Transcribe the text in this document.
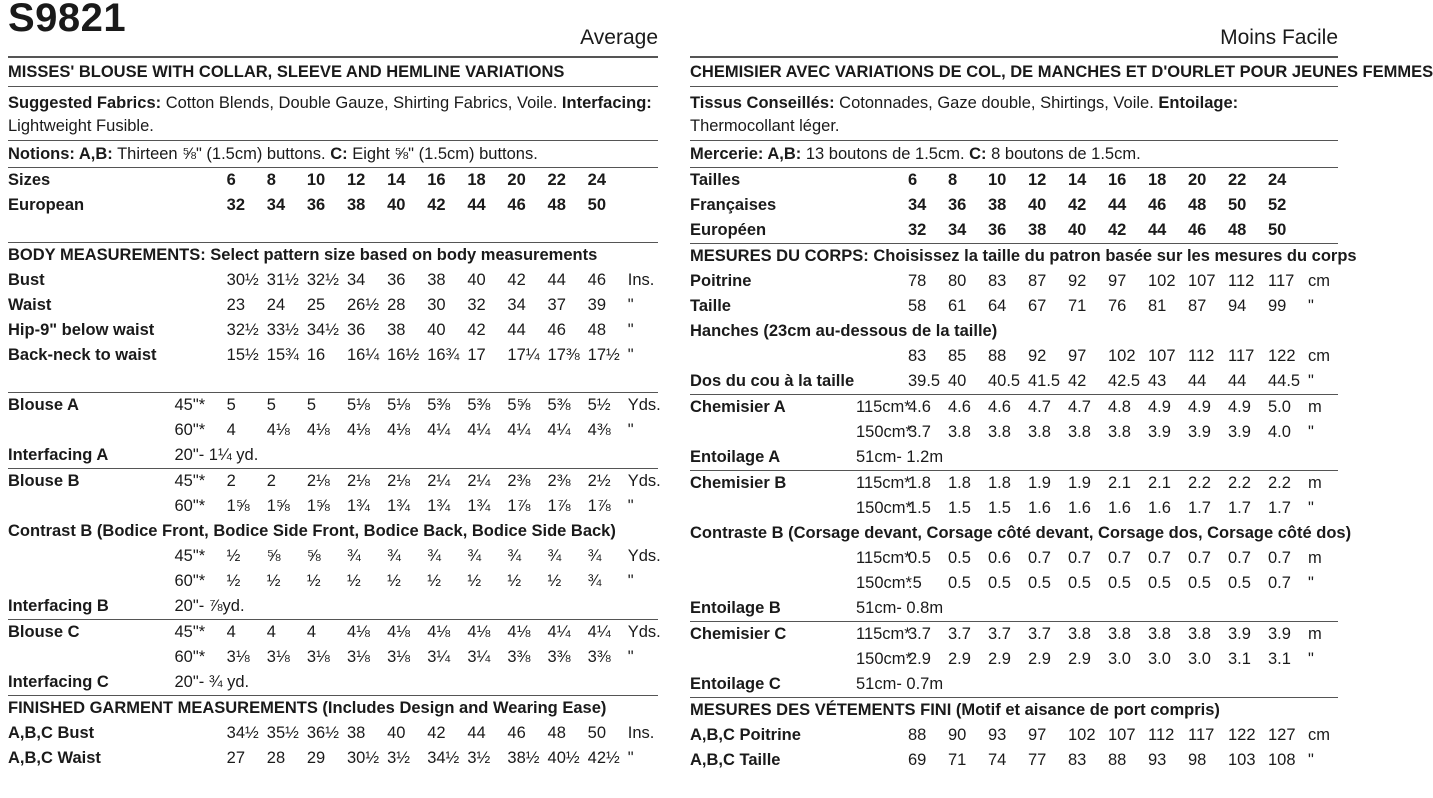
S9821	Average
MISSES' BLOUSE WITH COLLAR, SLEEVE AND HEMLINE VARIATIONS
Suggested Fabrics: Cotton Blends, Double Gauze, Shirting Fabrics, Voile. Interfacing: Lightweight Fusible.
Notions: A,B: Thirteen ⅝" (1.5cm) buttons. C: Eight ⅝" (1.5cm) buttons.
Sizes		6	8	10	12	14	16	18	20	22	24	
European		32	34	36	38	40	42	44	46	48	50	
BODY MEASUREMENTS: Select pattern size based on body measurements
Bust		30½	31½	32½	34	36	38	40	42	44	46	Ins.
Waist		23	24	25	26½	28	30	32	34	37	39	"
Hip-9" below waist		32½	33½	34½	36	38	40	42	44	46	48	"
Back-neck to waist		15½	15¾	16	16¼	16½	16¾	17	17¼	17⅜	17½	"
Blouse A	45"*	5	5	5	5⅛	5⅛	5⅜	5⅜	5⅝	5⅜	5½	Yds.
	60"*	4	4⅛	4⅛	4⅛	4⅛	4¼	4¼	4¼	4¼	4⅜	"
Interfacing A	20"- 1¼ yd.											
Blouse B	45"*	2	2	2⅛	2⅛	2⅛	2¼	2¼	2⅜	2⅜	2½	Yds.
	60"*	1⅝	1⅝	1⅝	1¾	1¾	1¾	1¾	1⅞	1⅞	1⅞	"
Contrast B (Bodice Front, Bodice Side Front, Bodice Back, Bodice Side Back)
	45"*	½	⅝	⅝	¾	¾	¾	¾	¾	¾	¾	Yds.
	60"*	½	½	½	½	½	½	½	½	½	¾	"
Interfacing B	20"- ⅞yd.											
Blouse C	45"*	4	4	4	4⅛	4⅛	4⅛	4⅛	4⅛	4¼	4¼	Yds.
	60"*	3⅛	3⅛	3⅛	3⅛	3⅛	3¼	3¼	3⅜	3⅜	3⅜	"
Interfacing C	20"- ¾ yd.											
FINISHED GARMENT MEASUREMENTS (Includes Design and Wearing Ease)
A,B,C Bust		34½	35½	36½	38	40	42	44	46	48	50	Ins.
A,B,C Waist		27	28	29	30½	3½	34½	3½	38½	40½	42½	"
Moins Facile
CHEMISIER AVEC VARIATIONS DE COL, DE MANCHES ET D'OURLET POUR JEUNES FEMMES
Tissus Conseillés: Cotonnades, Gaze double, Shirtings, Voile. Entoilage: Thermocollant léger.
Mercerie: A,B: 13 boutons de 1.5cm. C: 8 boutons de 1.5cm.
Tailles		6	8	10	12	14	16	18	20	22	24	
Françaises		34	36	38	40	42	44	46	48	50	52	
Européen		32	34	36	38	40	42	44	46	48	50	
MESURES DU CORPS: Choisissez la taille du patron basée sur les mesures du corps
Poitrine		78	80	83	87	92	97	102	107	112	117	cm
Taille		58	61	64	67	71	76	81	87	94	99	"
Hanches (23cm au-dessous de la taille)
		83	85	88	92	97	102	107	112	117	122	cm
Dos du cou à la taille		39.5	40	40.5	41.5	42	42.5	43	44	44	44.5	"
Chemisier A	115cm*	4.6	4.6	4.6	4.7	4.7	4.8	4.9	4.9	4.9	5.0	m
	150cm*	3.7	3.8	3.8	3.8	3.8	3.8	3.9	3.9	3.9	4.0	"
Entoilage A	51cm- 1.2m											
Chemisier B	115cm*	1.8	1.8	1.8	1.9	1.9	2.1	2.1	2.2	2.2	2.2	m
	150cm*	1.5	1.5	1.5	1.6	1.6	1.6	1.6	1.7	1.7	1.7	"
Contraste B (Corsage devant, Corsage côté devant, Corsage dos, Corsage côté dos)
	115cm*	0.5	0.5	0.6	0.7	0.7	0.7	0.7	0.7	0.7	0.7	m
	150cm*	.5	0.5	0.5	0.5	0.5	0.5	0.5	0.5	0.5	0.7	"
Entoilage B	51cm- 0.8m											
Chemisier C	115cm*	3.7	3.7	3.7	3.7	3.8	3.8	3.8	3.8	3.9	3.9	m
	150cm*	2.9	2.9	2.9	2.9	2.9	3.0	3.0	3.0	3.1	3.1	"
Entoilage C	51cm- 0.7m											
MESURES DES VÉTEMENTS FINI (Motif et aisance de port compris)
A,B,C Poitrine		88	90	93	97	102	107	112	117	122	127	cm
A,B,C Taille		69	71	74	77	83	88	93	98	103	108	"
